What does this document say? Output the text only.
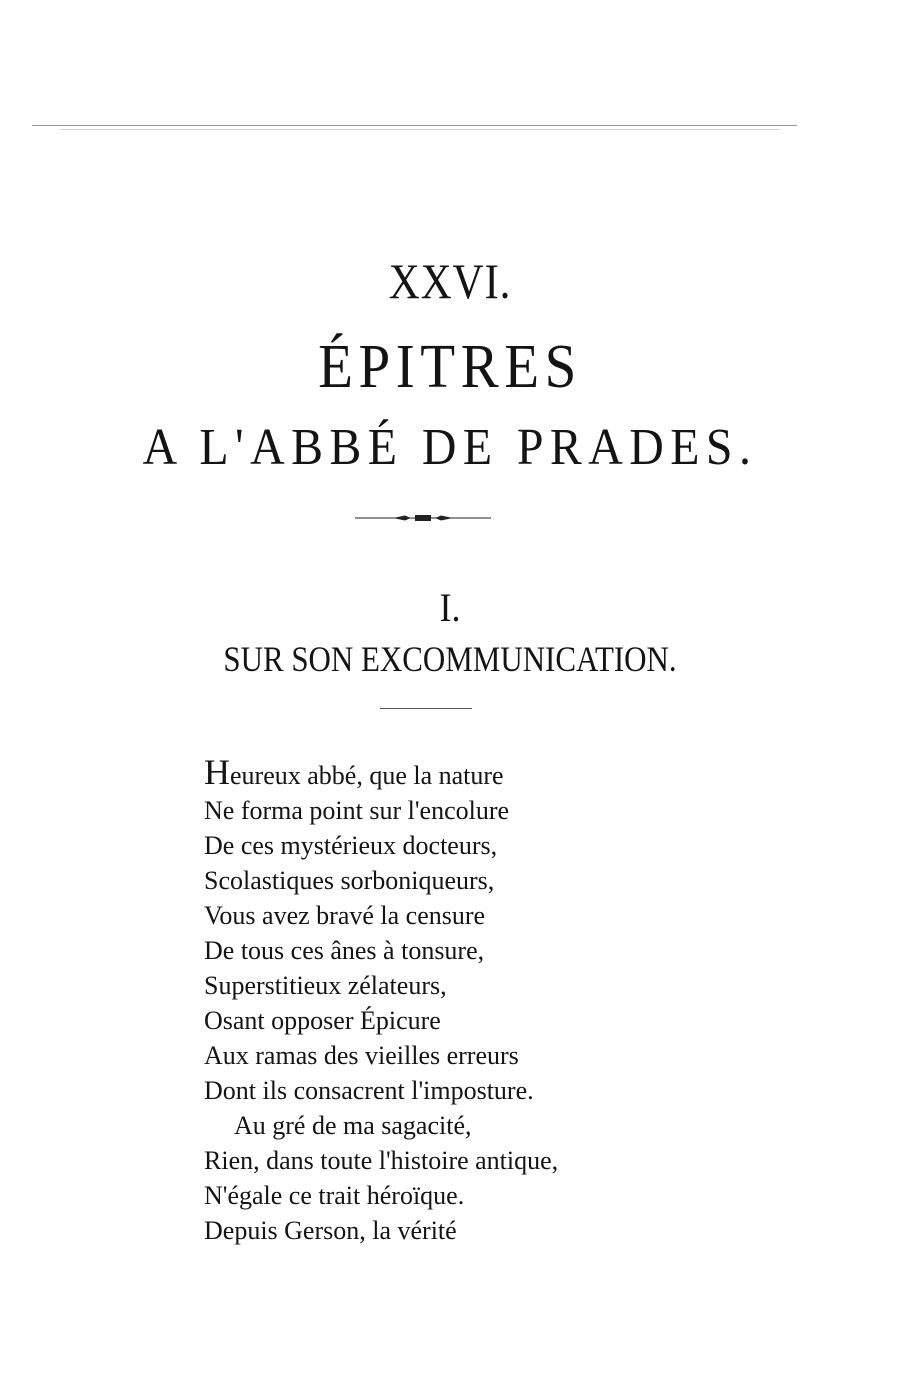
XXVI.
ÉPITRES
A L'ABBÉ DE PRADES.
I.
SUR SON EXCOMMUNICATION.
Heureux abbé, que la nature
Ne forma point sur l'encolure
De ces mystérieux docteurs,
Scolastiques sorboniqueurs,
Vous avez bravé la censure
De tous ces ânes à tonsure,
Superstitieux zélateurs,
Osant opposer Épicure
Aux ramas des vieilles erreurs
Dont ils consacrent l'imposture.
Au gré de ma sagacité,
Rien, dans toute l'histoire antique,
N'égale ce trait héroïque.
Depuis Gerson, la vérité
